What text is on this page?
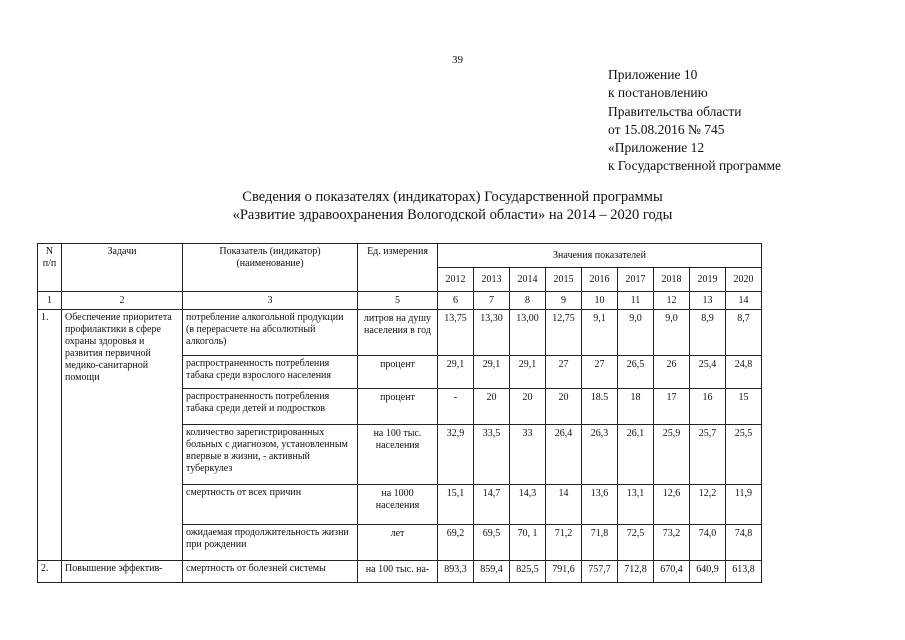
39
Приложение 10
к постановлению
Правительства области
от 15.08.2016 № 745
«Приложение 12
к Государственной программе
Сведения о показателях (индикаторах) Государственной программы
«Развитие здравоохранения Вологодской области» на 2014 – 2020 годы
N п/п	Задачи	Показатель (индикатор) (наименование)	Ед. измерения	Значения показателей								
				2012	2013	2014	2015	2016	2017	2018	2019	2020
1	2	3	5	6	7	8	9	10	11	12	13	14
1.	Обеспечение приоритета профилактики в сфере охраны здоровья и развития первичной медико-санитарной помощи	потребление алкогольной продукции (в перерасчете на абсолютный алкоголь)	литров на душу населения в год	13,75	13,30	13,00	12,75	9,1	9,0	9,0	8,9	8,7
		распространенность потребления табака среди взрослого населения	процент	29,1	29,1	29,1	27	27	26,5	26	25,4	24,8
		распространенность потребления табака среди детей и подростков	процент	-	20	20	20	18.5	18	17	16	15
		количество зарегистрированных больных с диагнозом, установленным впервые в жизни, - активный туберкулез	на 100 тыс. населения	32,9	33,5	33	26,4	26,3	26,1	25,9	25,7	25,5
		смертность от всех причин	на 1000 населения	15,1	14,7	14,3	14	13,6	13,1	12,6	12,2	11,9
		ожидаемая продолжительность жизни при рождении	лет	69,2	69,5	70, 1	71,2	71,8	72,5	73,2	74,0	74,8
2.	Повышение эффектив-	смертность от болезней системы	на 100 тыс. на-	893,3	859,4	825,5	791,6	757,7	712,8	670,4	640,9	613,8
